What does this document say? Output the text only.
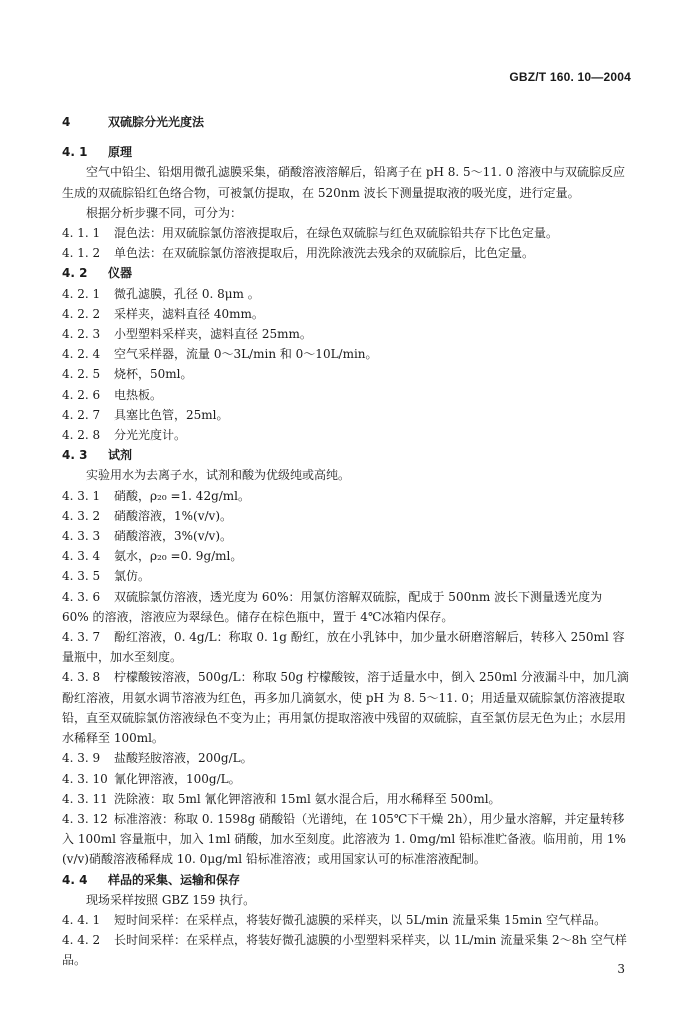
GBZ/T 160. 10—2004
4	双硫腙分光光度法
4. 1 原理
空气中铅尘、铅烟用微孔滤膜采集，硝酸溶液溶解后，铅离子在 pH 8. 5～11. 0 溶液中与双硫腙反应生成的双硫腙铅红色络合物，可被氯仿提取，在 520nm 波长下测量提取液的吸光度，进行定量。
根据分析步骤不同，可分为：
4. 1. 1 混色法：用双硫腙氯仿溶液提取后，在绿色双硫腙与红色双硫腙铅共存下比色定量。
4. 1. 2 单色法：在双硫腙氯仿溶液提取后，用洗除液洗去残余的双硫腙后，比色定量。
4. 2 仪器
4. 2. 1 微孔滤膜，孔径 0. 8μm 。
4. 2. 2 采样夹，滤料直径 40mm。
4. 2. 3 小型塑料采样夹，滤料直径 25mm。
4. 2. 4 空气采样器，流量 0～3L/min 和 0～10L/min。
4. 2. 5 烧杯，50ml。
4. 2. 6 电热板。
4. 2. 7 具塞比色管，25ml。
4. 2. 8 分光光度计。
4. 3 试剂
实验用水为去离子水，试剂和酸为优级纯或高纯。
4. 3. 1 硝酸，ρ₂₀ =1. 42g/ml。
4. 3. 2 硝酸溶液，1%(v/v)。
4. 3. 3 硝酸溶液，3%(v/v)。
4. 3. 4 氨水，ρ₂₀ =0. 9g/ml。
4. 3. 5 氯仿。
4. 3. 6 双硫腙氯仿溶液，透光度为 60%：用氯仿溶解双硫腙，配成于 500nm 波长下测量透光度为 60% 的溶液，溶液应为翠绿色。储存在棕色瓶中，置于 4℃冰箱内保存。
4. 3. 7 酚红溶液，0. 4g/L：称取 0. 1g 酚红，放在小乳钵中，加少量水研磨溶解后，转移入 250ml 容量瓶中，加水至刻度。
4. 3. 8 柠檬酸铵溶液，500g/L：称取 50g 柠檬酸铵，溶于适量水中，倒入 250ml 分液漏斗中，加几滴酚红溶液，用氨水调节溶液为红色，再多加几滴氨水，使 pH 为 8. 5～11. 0；用适量双硫腙氯仿溶液提取铅，直至双硫腙氯仿溶液绿色不变为止；再用氯仿提取溶液中残留的双硫腙，直至氯仿层无色为止；水层用水稀释至 100ml。
4. 3. 9 盐酸羟胺溶液，200g/L。
4. 3. 10 氰化钾溶液，100g/L。
4. 3. 11 洗除液：取 5ml 氰化钾溶液和 15ml 氨水混合后，用水稀释至 500ml。
4. 3. 12 标准溶液：称取 0. 1598g 硝酸铅（光谱纯，在 105℃下干燥 2h），用少量水溶解，并定量转移入 100ml 容量瓶中，加入 1ml 硝酸，加水至刻度。此溶液为 1. 0mg/ml 铅标准贮备液。临用前，用 1%(v/v)硝酸溶液稀释成 10. 0μg/ml 铅标准溶液；或用国家认可的标准溶液配制。
4. 4 样品的采集、运输和保存
现场采样按照 GBZ 159 执行。
4. 4. 1 短时间采样：在采样点，将装好微孔滤膜的采样夹，以 5L/min 流量采集 15min 空气样品。
4. 4. 2 长时间采样：在采样点，将装好微孔滤膜的小型塑料采样夹，以 1L/min 流量采集 2～8h 空气样品。
3
